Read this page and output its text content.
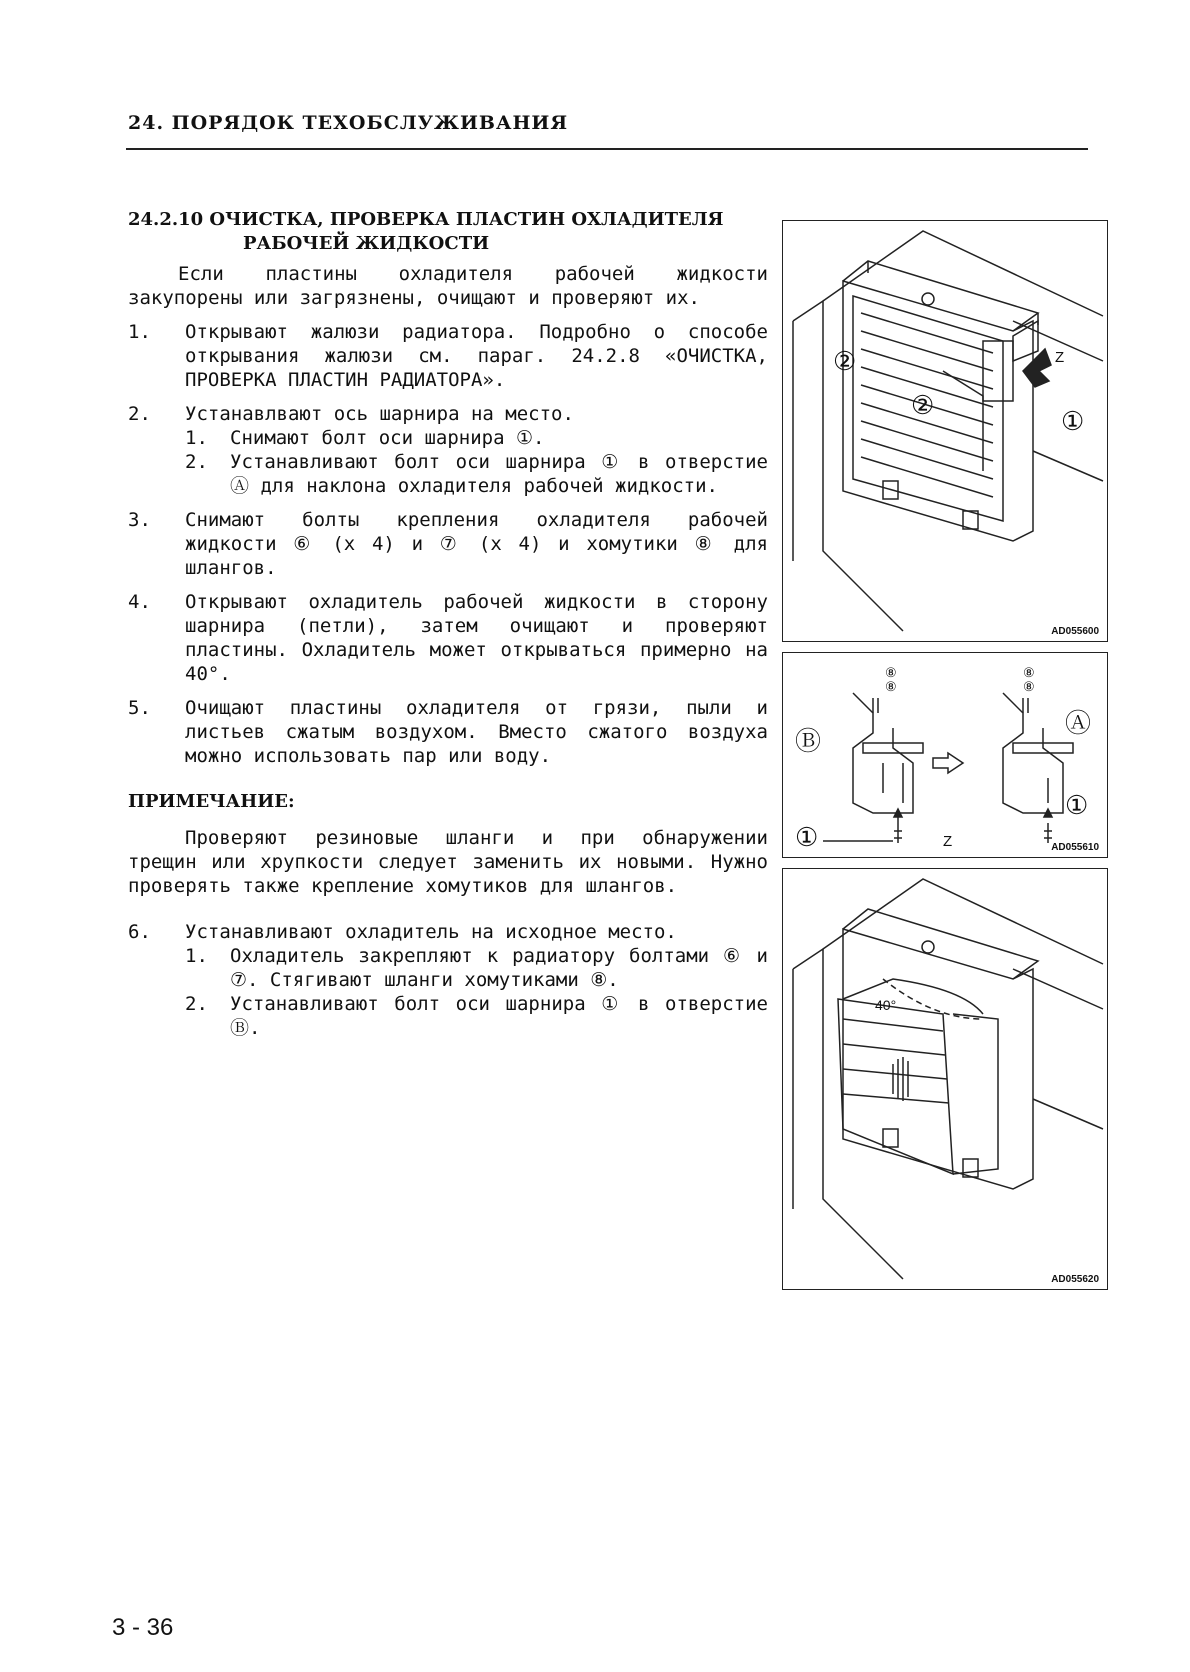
24. ПОРЯДОК ТЕХОБСЛУЖИВАНИЯ
24.2.10 ОЧИСТКА, ПРОВЕРКА ПЛАСТИН ОХЛАДИТЕЛЯ
РАБОЧЕЙ ЖИДКОСТИ
Если пластины охладителя рабочей жидкости закупорены или загрязнены, очищают и проверяют их.
1. Открывают жалюзи радиатора. Подробно о способе открывания жалюзи см. параг. 24.2.8 «ОЧИСТКА, ПРОВЕРКА ПЛАСТИН РАДИАТОРА».
2. Устанавлвают ось шарнира на место.
1. Снимают болт оси шарнира ①.
2. Устанавливают болт оси шарнира ① в отверстие Ⓐ для наклона охладителя рабочей жидкости.
3. Снимают болты крепления охладителя рабочей жидкости ⑥ (х 4) и ⑦ (х 4) и хомутики ⑧ для шлангов.
4. Открывают охладитель рабочей жидкости в сторону шарнира (петли), затем очищают и проверяют пластины. Охладитель может открываться примерно на 40°.
5. Очищают пластины охладителя от грязи, пыли и листьев сжатым воздухом. Вместо сжатого воздуха можно использовать пар или воду.
ПРИМЕЧАНИЕ:
Проверяют резиновые шланги и при обнаружении трещин или хрупкости следует заменить их новыми. Нужно проверять также крепление хомутиков для шлангов.
6. Устанавливают охладитель на исходное место.
1. Охладитель закрепляют к радиатору болтами ⑥ и ⑦. Стягивают шланги хомутиками ⑧.
2. Устанавливают болт оси шарнира ① в отверстие Ⓑ.
②
②
①
Z
AD055600
⑧
⑧
⑧
⑧
Ⓑ
Ⓐ
①
①
Z	AD055610
40°
AD055620
3 - 36
